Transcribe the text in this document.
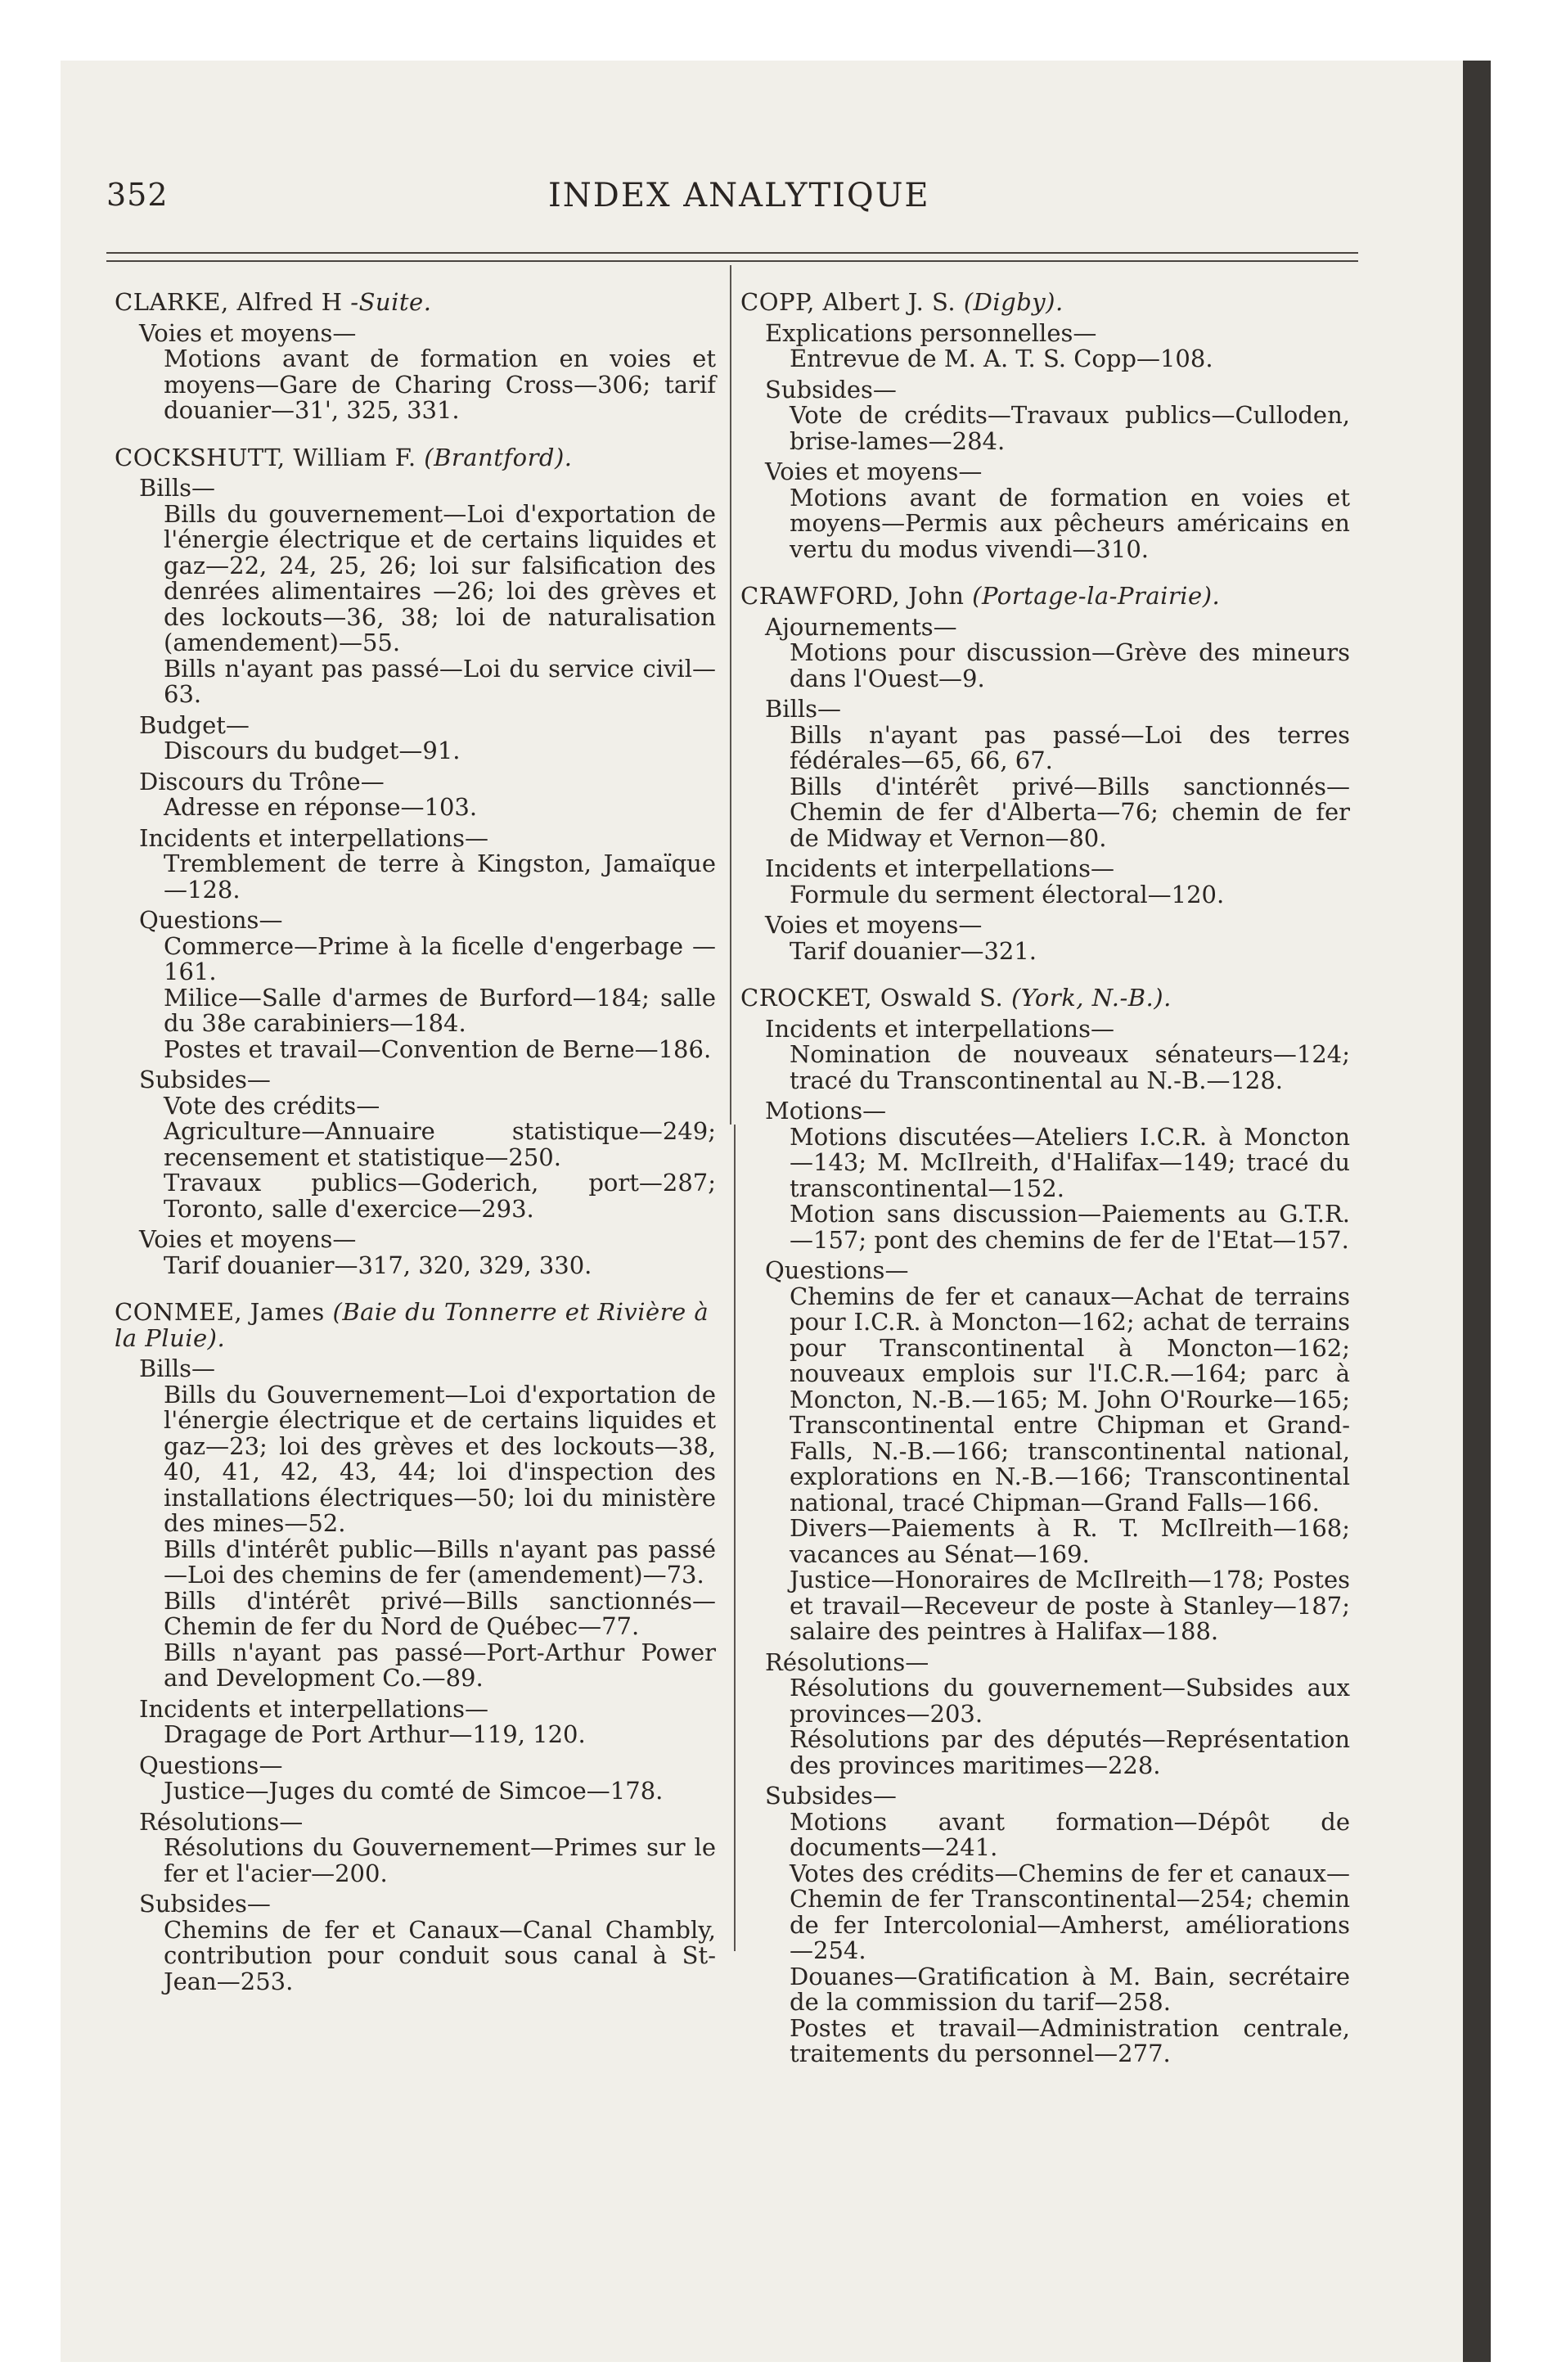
352	INDEX ANALYTIQUE
CLARKE, Alfred H -Suite.
Voies et moyens—
Motions avant de formation en voies et moyens—Gare de Charing Cross—306; tarif douanier—31', 325, 331.
COCKSHUTT, William F. (Brantford).
Bills—
Bills du gouvernement—Loi d'exportation de l'énergie électrique et de certains liquides et gaz—22, 24, 25, 26; loi sur falsification des denrées alimentaires —26; loi des grèves et des lockouts—36, 38; loi de naturalisation (amendement)—55.
Bills n'ayant pas passé—Loi du service civil—63.
Budget—
Discours du budget—91.
Discours du Trône—
Adresse en réponse—103.
Incidents et interpellations—
Tremblement de terre à Kingston, Jamaïque—128.
Questions—
Commerce—Prime à la ficelle d'engerbage —161.
Milice—Salle d'armes de Burford—184; salle du 38e carabiniers—184.
Postes et travail—Convention de Berne—186.
Subsides—
Vote des crédits—
Agriculture—Annuaire statistique—249; recensement et statistique—250.
Travaux publics—Goderich, port—287; Toronto, salle d'exercice—293.
Voies et moyens—
Tarif douanier—317, 320, 329, 330.
CONMEE, James (Baie du Tonnerre et Rivière à la Pluie).
Bills—
Bills du Gouvernement—Loi d'exportation de l'énergie électrique et de certains liquides et gaz—23; loi des grèves et des lockouts—38, 40, 41, 42, 43, 44; loi d'inspection des installations électriques—50; loi du ministère des mines—52.
Bills d'intérêt public—Bills n'ayant pas passé—Loi des chemins de fer (amendement)—73.
Bills d'intérêt privé—Bills sanctionnés—Chemin de fer du Nord de Québec—77.
Bills n'ayant pas passé—Port-Arthur Power and Development Co.—89.
Incidents et interpellations—
Dragage de Port Arthur—119, 120.
Questions—
Justice—Juges du comté de Simcoe—178.
Résolutions—
Résolutions du Gouvernement—Primes sur le fer et l'acier—200.
Subsides—
Chemins de fer et Canaux—Canal Chambly, contribution pour conduit sous canal à St-Jean—253.
COPP, Albert J. S. (Digby).
Explications personnelles—
Entrevue de M. A. T. S. Copp—108.
Subsides—
Vote de crédits—Travaux publics—Culloden, brise-lames—284.
Voies et moyens—
Motions avant de formation en voies et moyens—Permis aux pêcheurs américains en vertu du modus vivendi—310.
CRAWFORD, John (Portage-la-Prairie).
Ajournements—
Motions pour discussion—Grève des mineurs dans l'Ouest—9.
Bills—
Bills n'ayant pas passé—Loi des terres fédérales—65, 66, 67.
Bills d'intérêt privé—Bills sanctionnés—Chemin de fer d'Alberta—76; chemin de fer de Midway et Vernon—80.
Incidents et interpellations—
Formule du serment électoral—120.
Voies et moyens—
Tarif douanier—321.
CROCKET, Oswald S. (York, N.-B.).
Incidents et interpellations—
Nomination de nouveaux sénateurs—124; tracé du Transcontinental au N.-B.—128.
Motions—
Motions discutées—Ateliers I.C.R. à Moncton—143; M. McIlreith, d'Halifax—149; tracé du transcontinental—152.
Motion sans discussion—Paiements au G.T.R.—157; pont des chemins de fer de l'Etat—157.
Questions—
Chemins de fer et canaux—Achat de terrains pour I.C.R. à Moncton—162; achat de terrains pour Transcontinental à Moncton—162; nouveaux emplois sur l'I.C.R.—164; parc à Moncton, N.-B.—165; M. John O'Rourke—165; Transcontinental entre Chipman et Grand-Falls, N.-B.—166; transcontinental national, explorations en N.-B.—166; Transcontinental national, tracé Chipman—Grand Falls—166.
Divers—Paiements à R. T. McIlreith—168; vacances au Sénat—169.
Justice—Honoraires de McIlreith—178; Postes et travail—Receveur de poste à Stanley—187; salaire des peintres à Halifax—188.
Résolutions—
Résolutions du gouvernement—Subsides aux provinces—203.
Résolutions par des députés—Représentation des provinces maritimes—228.
Subsides—
Motions avant formation—Dépôt de documents—241.
Votes des crédits—Chemins de fer et canaux—Chemin de fer Transcontinental—254; chemin de fer Intercolonial—Amherst, améliorations—254.
Douanes—Gratification à M. Bain, secrétaire de la commission du tarif—258.
Postes et travail—Administration centrale, traitements du personnel—277.
